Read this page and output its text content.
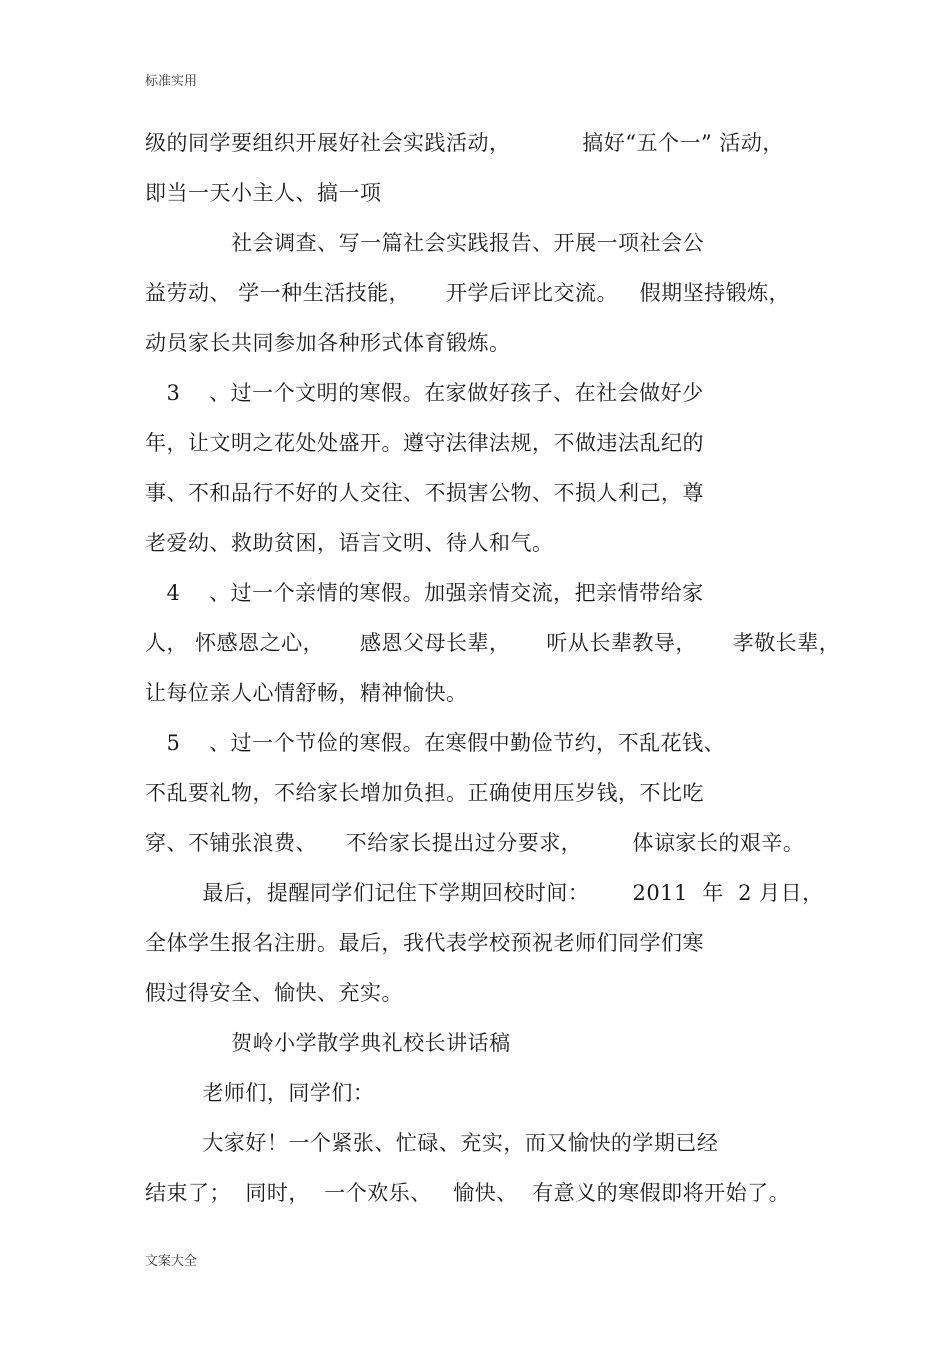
标准实用
级的同学要组织开展好社会实践活动，          搞好“五个一” 活动，
即当一天小主人、搞一项
社会调查、写一篇社会实践报告、开展一项社会公
益劳动、 学一种生活技能，     开学后评比交流。   假期坚持锻炼，
动员家长共同参加各种形式体育锻炼。
3    、过一个文明的寒假。在家做好孩子、在社会做好少
年，让文明之花处处盛开。遵守法律法规，不做违法乱纪的
事、不和品行不好的人交往、不损害公物、不损人利己，尊
老爱幼、救助贫困，语言文明、待人和气。
4    、过一个亲情的寒假。加强亲情交流，把亲情带给家
人， 怀感恩之心，     感恩父母长辈，     听从长辈教导，     孝敬长辈，
让每位亲人心情舒畅，精神愉快。
5    、过一个节俭的寒假。在寒假中勤俭节约，不乱花钱、
不乱要礼物，不给家长增加负担。正确使用压岁钱，不比吃
穿、不铺张浪费、    不给家长提出过分要求，       体谅家长的艰辛。
最后，提醒同学们记住下学期回校时间：      2011  年  2 月日，
全体学生报名注册。最后，我代表学校预祝老师们同学们寒
假过得安全、愉快、充实。
贺岭小学散学典礼校长讲话稿
老师们，同学们：
大家好！一个紧张、忙碌、充实，而又愉快的学期已经
结束了；  同时，  一个欢乐、   愉快、  有意义的寒假即将开始了。
文案大全
